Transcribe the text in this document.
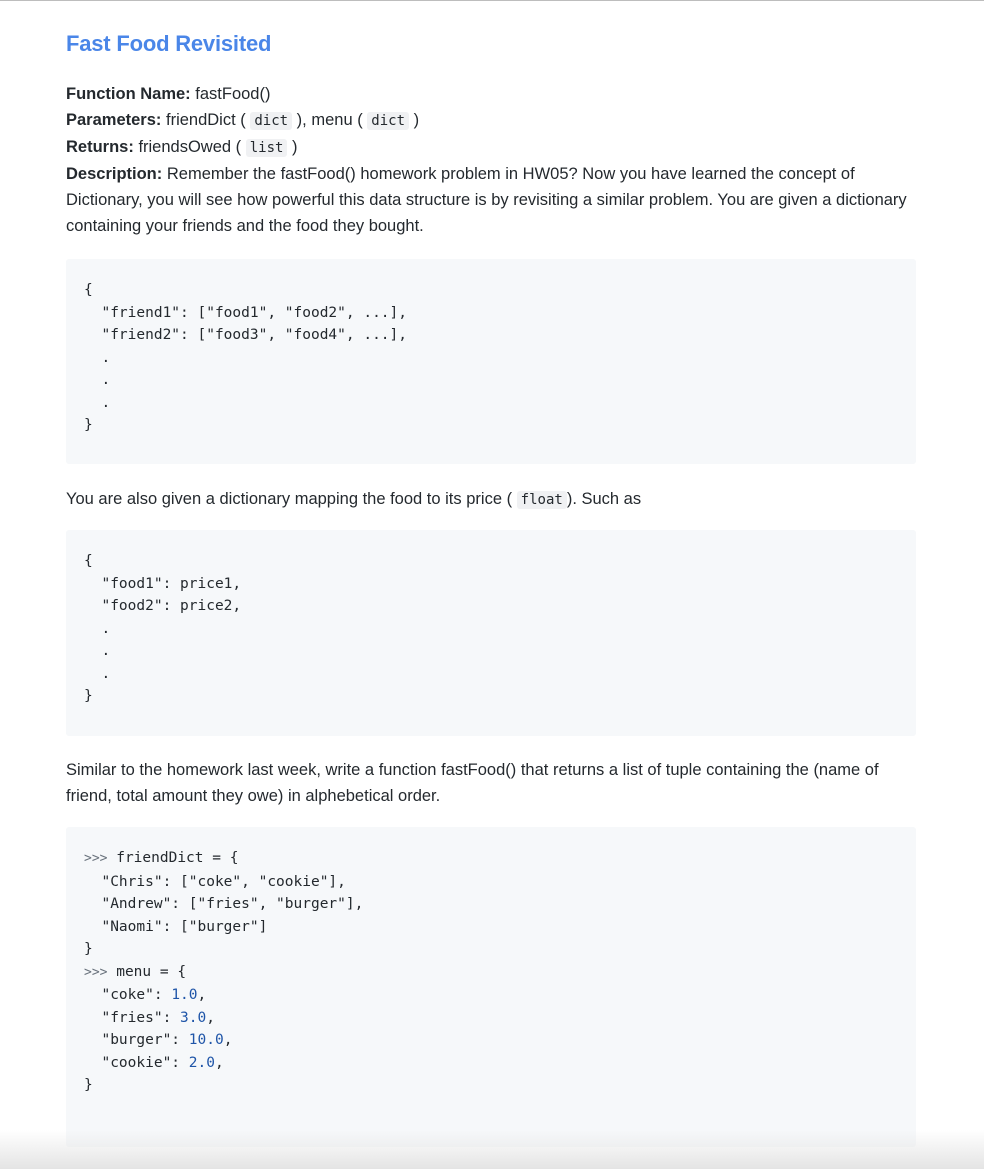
Fast Food Revisited
Function Name: fastFood()
Parameters: friendDict ( dict ), menu ( dict )
Returns: friendsOwed ( list )
Description: Remember the fastFood() homework problem in HW05? Now you have learned the concept of Dictionary, you will see how powerful this data structure is by revisiting a similar problem. You are given a dictionary containing your friends and the food they bought.
{
"friend1": ["food1", "food2", ...],
"friend2": ["food3", "food4", ...],
.
.
.
}

You are also given a dictionary mapping the food to its price ( float ). Such as

{
"food1": price1,
"food2": price2,
.
.
.
}

Similar to the homework last week, write a function fastFood() that returns a list of tuple containing the (name of friend, total amount they owe) in alphebetical order.

>>> friendDict = {
"Chris": ["coke", "cookie"],
"Andrew": ["fries", "burger"],
"Naomi": ["burger"]
}
>>> menu = {
"coke": 1.0,
"fries": 3.0,
"burger": 10.0,
"cookie": 2.0,
}
